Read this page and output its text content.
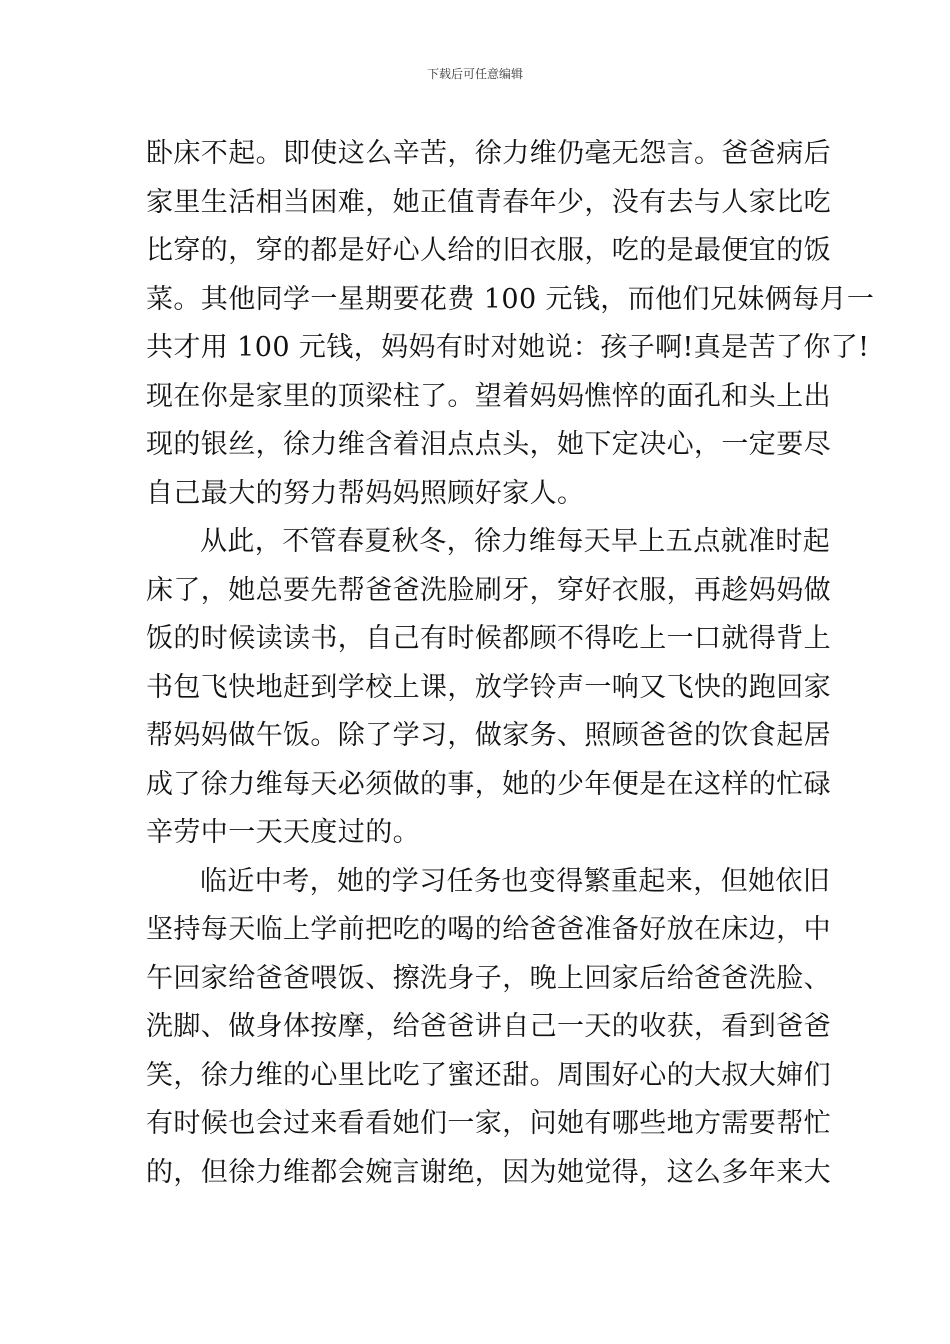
下载后可任意编辑
卧床不起。即使这么辛苦，徐力维仍毫无怨言。爸爸病后
家里生活相当困难，她正值青春年少，没有去与人家比吃
比穿的，穿的都是好心人给的旧衣服，吃的是最便宜的饭
菜。其他同学一星期要花费 100 元钱，而他们兄妹俩每月一
共才用 100 元钱，妈妈有时对她说：孩子啊!真是苦了你了!
现在你是家里的顶梁柱了。望着妈妈憔悴的面孔和头上出
现的银丝，徐力维含着泪点点头，她下定决心，一定要尽
自己最大的努力帮妈妈照顾好家人。
从此，不管春夏秋冬，徐力维每天早上五点就准时起
床了，她总要先帮爸爸洗脸刷牙，穿好衣服，再趁妈妈做
饭的时候读读书，自己有时候都顾不得吃上一口就得背上
书包飞快地赶到学校上课，放学铃声一响又飞快的跑回家
帮妈妈做午饭。除了学习，做家务、照顾爸爸的饮食起居
成了徐力维每天必须做的事，她的少年便是在这样的忙碌
辛劳中一天天度过的。
临近中考，她的学习任务也变得繁重起来，但她依旧
坚持每天临上学前把吃的喝的给爸爸准备好放在床边，中
午回家给爸爸喂饭、擦洗身子，晚上回家后给爸爸洗脸、
洗脚、做身体按摩，给爸爸讲自己一天的收获，看到爸爸
笑，徐力维的心里比吃了蜜还甜。周围好心的大叔大婶们
有时候也会过来看看她们一家，问她有哪些地方需要帮忙
的，但徐力维都会婉言谢绝，因为她觉得，这么多年来大
